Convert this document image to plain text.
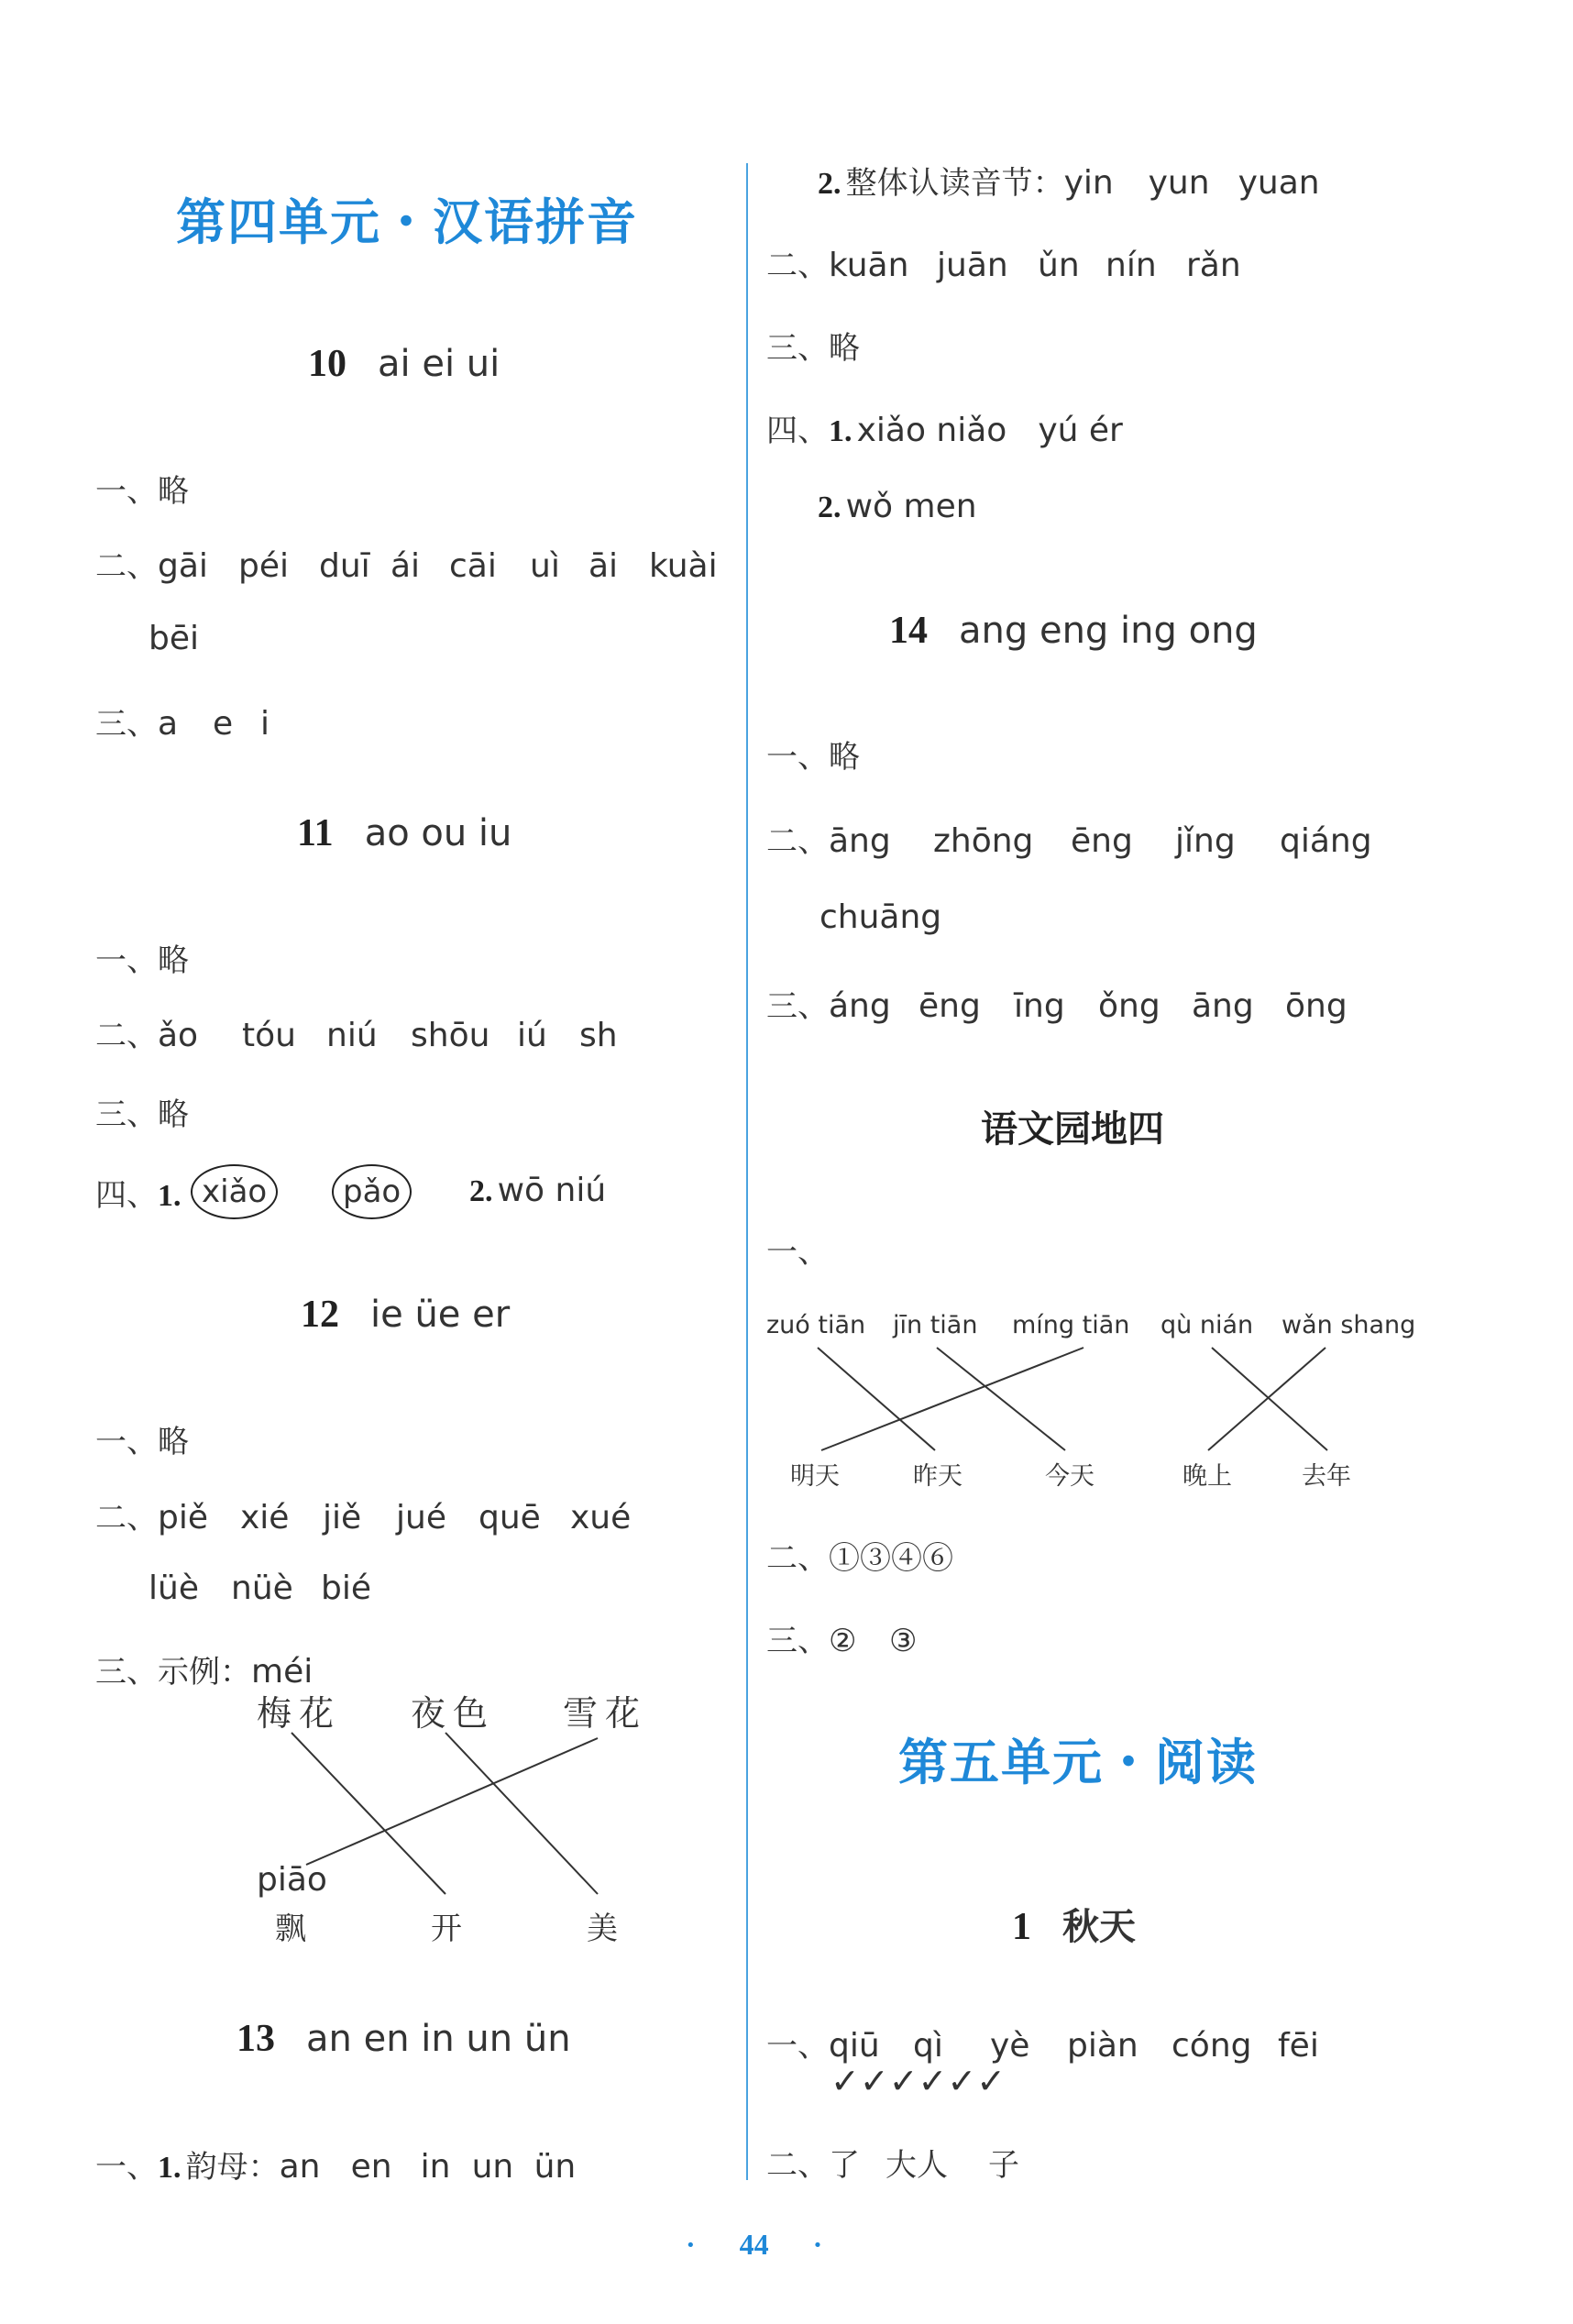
第四单元・汉语拼音
10 ai ei ui
一、略
二、gāi péi duī ái cāi uì āi kuài
bēi
三、a e i
11 ao ou iu
一、略
二、ǎo tóu niú shōu iú sh
三、略
四、1. xiǎo	pǎo	2. wō niú
12 ie üe er
一、略
二、piě xié jiě jué quē xué
lüè nüè bié
三、示例：méi
梅花 夜色 雪花
piāo
飘	开	美
13 an en in un ün
一、1. 韵母：an en in un ün
2. 整体认读音节：yin yun yuan
二、kuān juān ǔn nín rǎn
三、略
四、1. xiǎo niǎo yú ér
2. wǒ men
14 ang eng ing ong
一、略
二、āng zhōng ēng jǐng qiáng
chuāng
三、áng ēng īng ǒng āng ōng
语文园地四
一、
zuó tiān jīn tiān míng tiān qù nián wǎn shang
明天	昨天	今天	晚上	去年
二、①③④⑥
三、② ③
第五单元・阅读
1 秋天
一、qiū qì yè piàn cóng fēi
✓✓✓✓✓✓
二、了 大人 子
· 44 ·
